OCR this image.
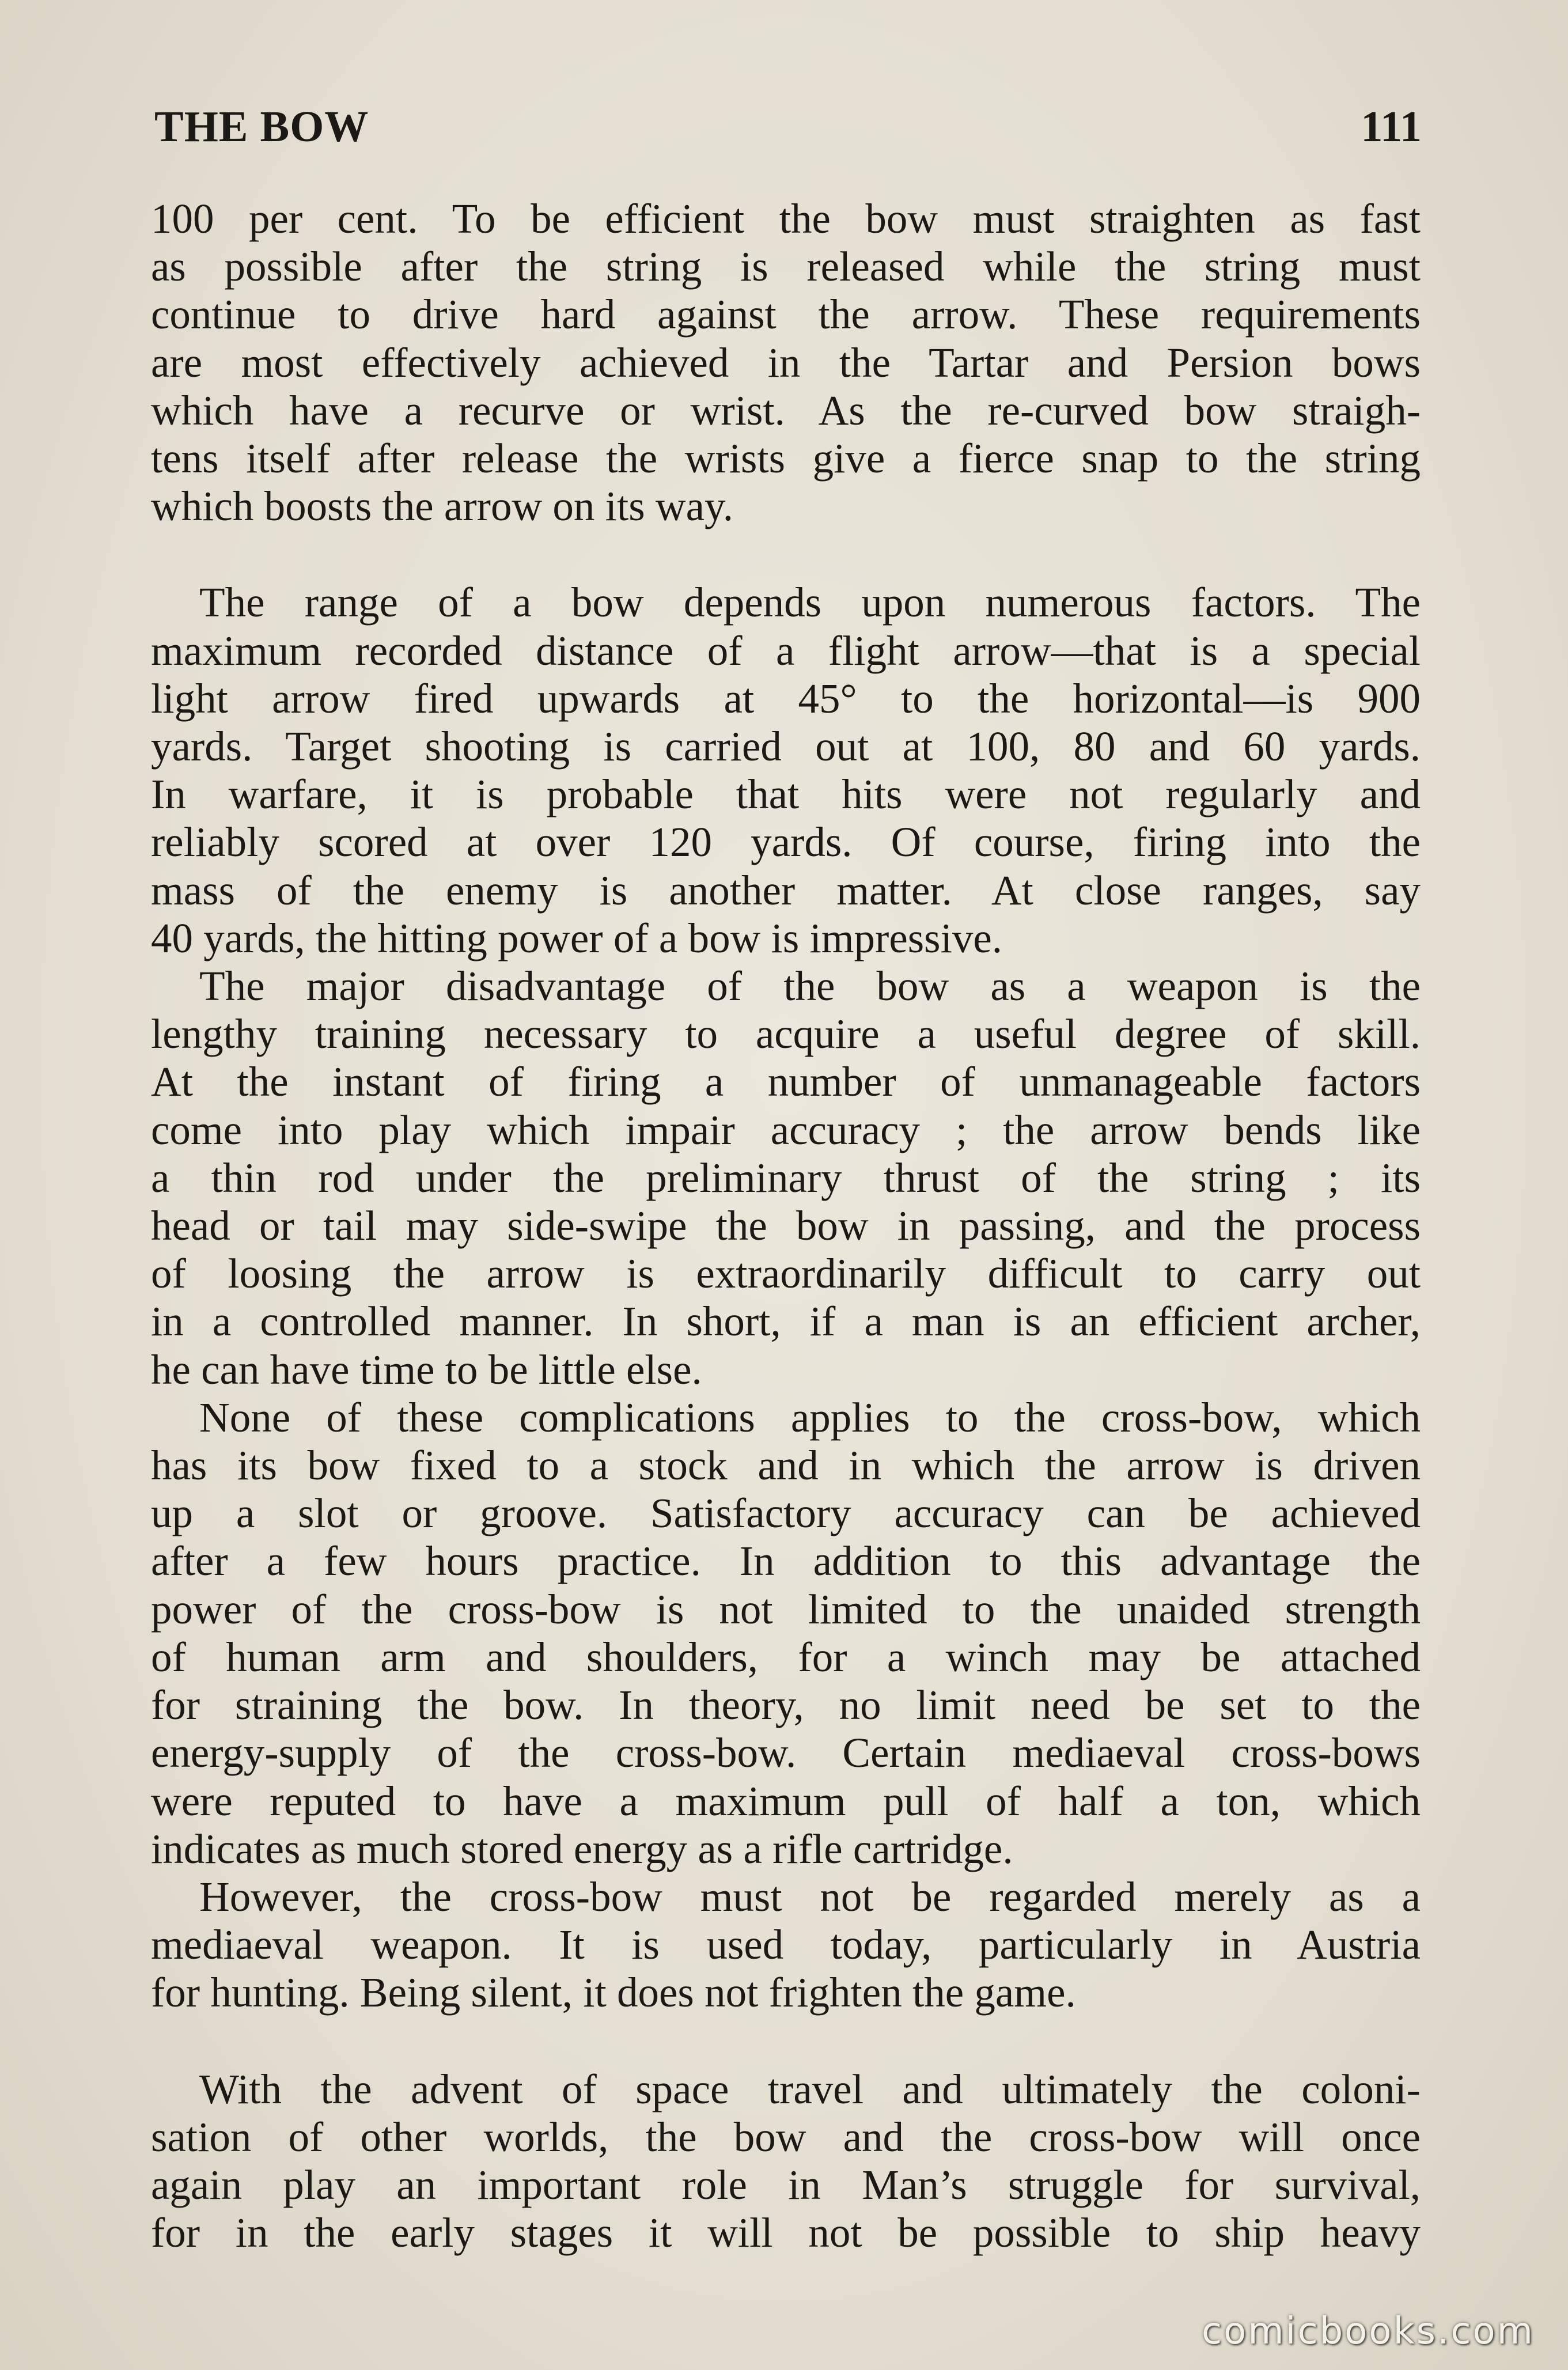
THE BOW	111

100 per cent. To be efficient the bow must straighten as fast
as possible after the string is released while the string must
continue to drive hard against the arrow. These requirements
are most effectively achieved in the Tartar and Persion bows
which have a recurve or wrist. As the re-curved bow straigh-
tens itself after release the wrists give a fierce snap to the string
which boosts the arrow on its way.

The range of a bow depends upon numerous factors. The
maximum recorded distance of a flight arrow—that is a special
light arrow fired upwards at 45° to the horizontal—is 900
yards. Target shooting is carried out at 100, 80 and 60 yards.
In warfare, it is probable that hits were not regularly and
reliably scored at over 120 yards. Of course, firing into the
mass of the enemy is another matter. At close ranges, say
40 yards, the hitting power of a bow is impressive.

The major disadvantage of the bow as a weapon is the
lengthy training necessary to acquire a useful degree of skill.
At the instant of firing a number of unmanageable factors
come into play which impair accuracy ; the arrow bends like
a thin rod under the preliminary thrust of the string ; its
head or tail may side-swipe the bow in passing, and the process
of loosing the arrow is extraordinarily difficult to carry out
in a controlled manner. In short, if a man is an efficient archer,
he can have time to be little else.

None of these complications applies to the cross-bow, which
has its bow fixed to a stock and in which the arrow is driven
up a slot or groove. Satisfactory accuracy can be achieved
after a few hours practice. In addition to this advantage the
power of the cross-bow is not limited to the unaided strength
of human arm and shoulders, for a winch may be attached
for straining the bow. In theory, no limit need be set to the
energy-supply of the cross-bow. Certain mediaeval cross-bows
were reputed to have a maximum pull of half a ton, which
indicates as much stored energy as a rifle cartridge.

However, the cross-bow must not be regarded merely as a
mediaeval weapon. It is used today, particularly in Austria
for hunting. Being silent, it does not frighten the game.

With the advent of space travel and ultimately the coloni-
sation of other worlds, the bow and the cross-bow will once
again play an important role in Man’s struggle for survival,
for in the early stages it will not be possible to ship heavy

comicbooks.com
